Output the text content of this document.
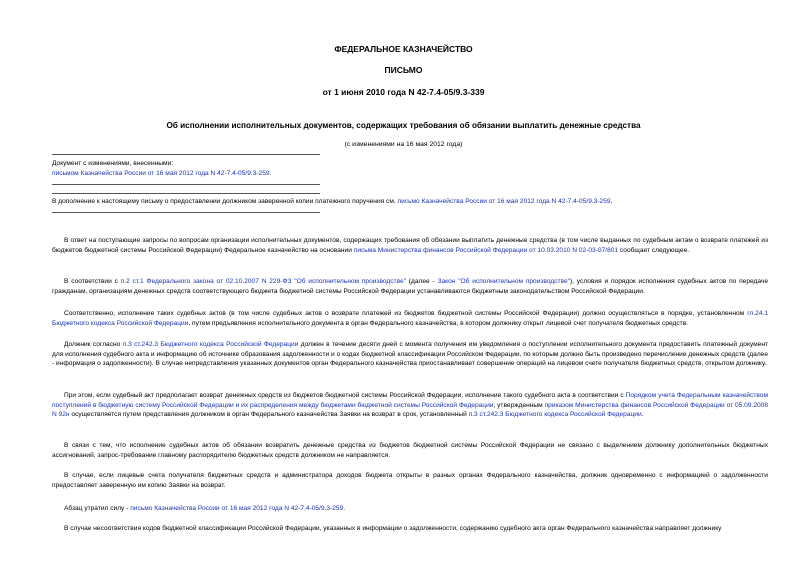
ФЕДЕРАЛЬНОЕ КАЗНАЧЕЙСТВО
ПИСЬМО
от 1 июня 2010 года N 42-7.4-05/9.3-339
Об исполнении исполнительных документов, содержащих требования об обязании выплатить денежные средства
(с изменениями на 16 мая 2012 года)
Документ с изменениями, внесенными:
письмом Казначейства России от 16 мая 2012 года N 42-7.4-05/9.3-259.
В дополнение к настоящему письму о предоставлении должником заверенной копии платежного поручения см. письмо Казначейства России от 16 мая 2012 года N 42-7.4-05/9.3-259.

В ответ на поступающие запросы по вопросам организации исполнительных документов, содержащих требования об обязании выплатить денежные средства (в том числе выданных по судебным актам о возврате платежей из бюджетов бюджетной системы Российской Федерации) Федеральное казначейство на основании письма Министерства финансов Российской Федерации от 10.03.2010 N 02-03-07/801 сообщает следующее.

В соответствии с п.2 ст.1 Федерального закона от 02.10.2007 N 229-ФЗ "Об исполнительном производстве" (далее - Закон "Об исполнительном производстве"), условия и порядок исполнения судебных актов по передаче гражданам, организациям денежных средств соответствующего бюджета бюджетной системы Российской Федерации устанавливаются бюджетным законодательством Российской Федерации.

Соответственно, исполнение таких судебных актов (в том числе судебных актов о возврате платежей из бюджетов бюджетной системы Российской Федерации) должно осуществляться в порядке, установленном гл.24.1 Бюджетного кодекса Российской Федерации, путем предъявления исполнительного документа в орган Федерального казначейства, в котором должнику открыт лицевой счет получателя бюджетных средств.

Должник согласно п.3 ст.242.3 Бюджетного кодекса Российской Федерации должен в течение десяти дней с момента получения им уведомления о поступлении исполнительного документа предоставить платежный документ для исполнения судебного акта и информацию об источнике образования задолженности и о кодах бюджетной классификации Российском Федерации, по которым должно быть произведено перечисление денежных средств (далее - информация о задолженности). В случае непредставления указанных документов орган Федерального казначейства приостанавливает совершение операций на лицевом счете получателя бюджетных средств, открытом должнику.

При этом, если судебный акт предполагает возврат денежных средств из бюджетов бюджетной системы Российской Федерации, исполнение такого судебного акта в соответствии с Порядком учета Федеральным казначейством поступлений в бюджетную систему Российской Федерации и их распределения между бюджетами бюджетной системы Российской Федерации, утвержденным приказом Министерства финансов Российской Федерации от 05.09.2008 N 92н осуществляется путем представления должником в орган Федерального казначейства Заявки на возврат в срок, установленный п.3 ст.242.3 Бюджетного кодекса Российской Федерации.

В связи с тем, что исполнение судебных актов об обязании возвратить денежные средства из бюджетов бюджетной системы Российской Федерации не связано с выделением должнику дополнительных бюджетных ассигнований, запрос-требование главному распорядителю бюджетных средств должником не направляется.

В случае, если лицевые счета получателя бюджетных средств и администратора доходов бюджета открыты в разных органах Федерального казначейства, должник одновременно с информацией о задолженности предоставляет заверенную им копию Заявки на возврат.

Абзац утратил силу - письмо Казначейства России от 16 мая 2012 года N 42-7.4-05/9.3-259.

В случае несоответствия кодов бюджетной классификации Российской Федерации, указанных в информации о задолженности, содержанию судебного акта орган Федерального казначейства направляет должнику
